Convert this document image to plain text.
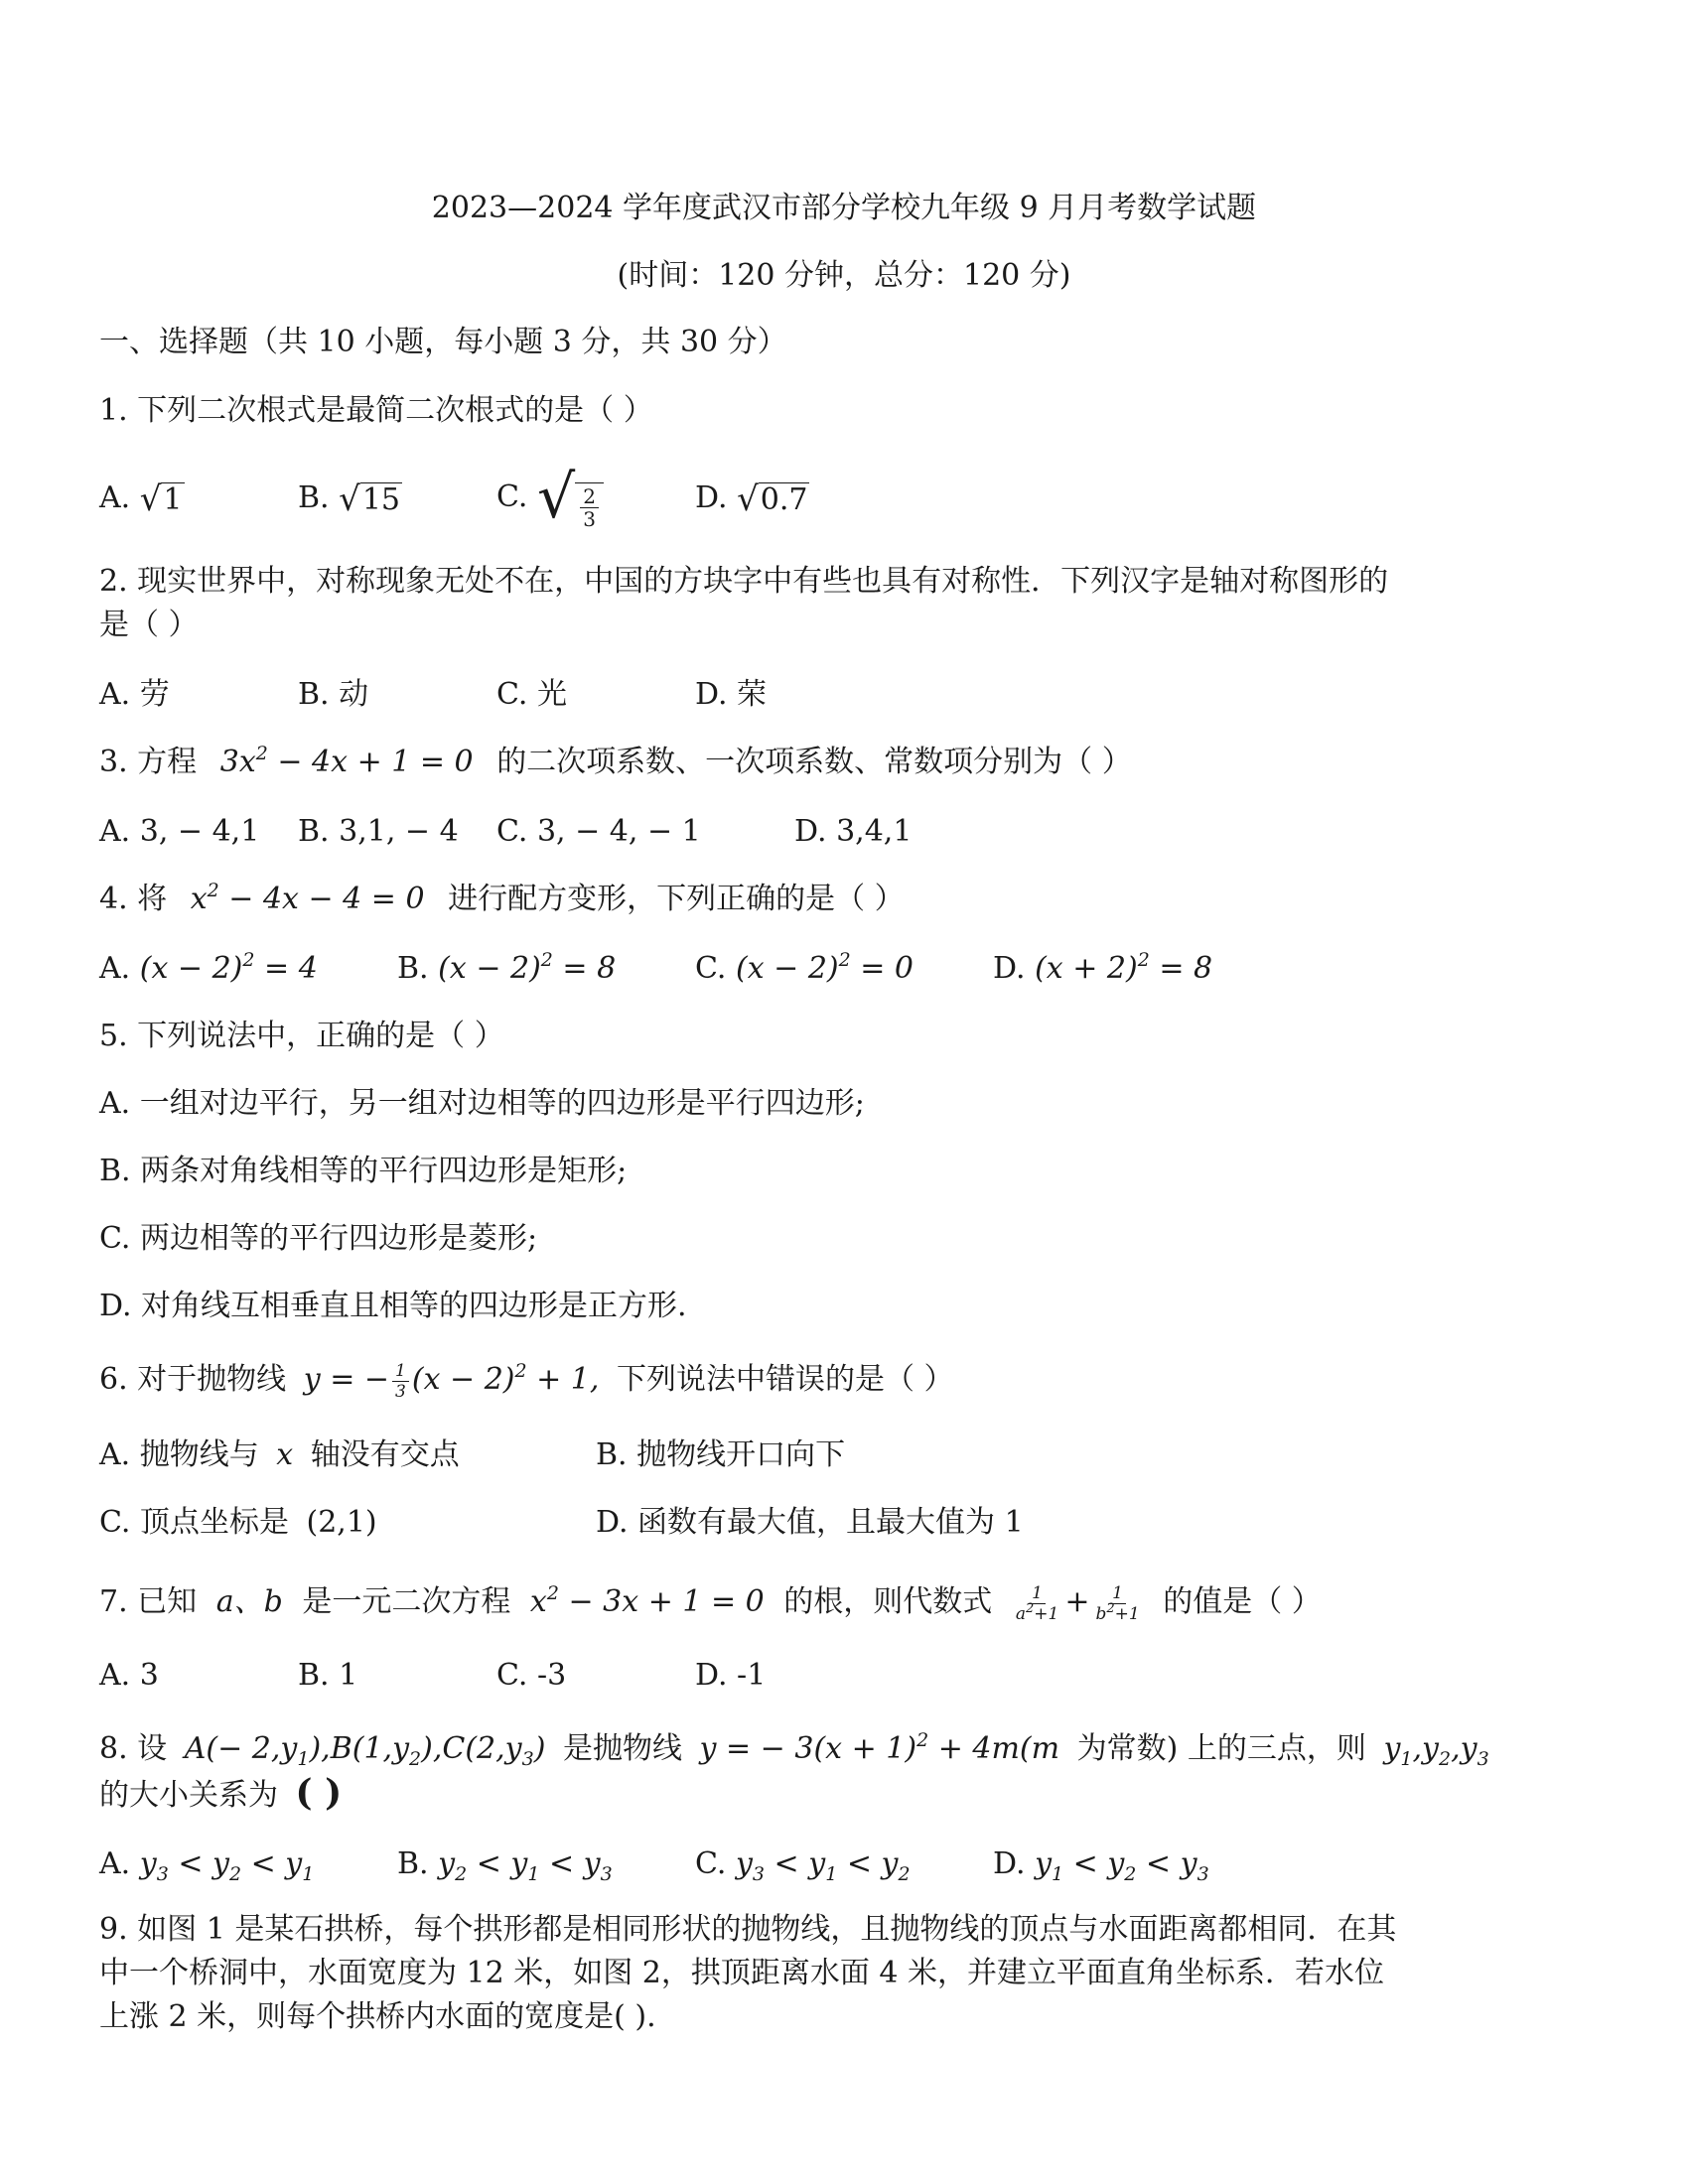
2023—2024 学年度武汉市部分学校九年级 9 月月考数学试题
(时间：120 分钟，总分：120 分)
一、选择题（共 10 小题，每小题 3 分，共 30 分）
1. 下列二次根式是最简二次根式的是（ ）
A. √ 1	B. √ 15	C. √ $\frac{2}{3}$	D. √ 0.7
2. 现实世界中，对称现象无处不在，中国的方块字中有些也具有对称性．下列汉字是轴对称图形的
是（ ）
A. 劳	B. 动	C. 光	D. 荣
3. 方程 $3x^2 - 4x + 1 = 0$ 的二次项系数、一次项系数、常数项分别为（ ）
A. 3, − 4,1 B. 3,1, − 4 C. 3, − 4, − 1	D. 3,4,1
4. 将 $x^2 - 4x - 4 = 0$ 进行配方变形，下列正确的是（ ）
A. $(x - 2)^2 = 4$	B. $(x - 2)^2 = 8$	C. $(x - 2)^2 = 0$	D. $(x + 2)^2 = 8$
5. 下列说法中，正确的是（ ）
A. 一组对边平行，另一组对边相等的四边形是平行四边形;
B. 两条对角线相等的平行四边形是矩形;
C. 两边相等的平行四边形是菱形;
D. 对角线互相垂直且相等的四边形是正方形.
6. 对于抛物线 y = − $\frac{1}{3} (x - 2)^2 + 1$, 下列说法中错误的是（ ）
A. 抛物线与 x 轴没有交点	B. 抛物线开口向下
C. 顶点坐标是 (2,1)	D. 函数有最大值，且最大值为 1
7. 已知 a、b 是一元二次方程 $x^2 - 3x + 1 = 0$ 的根，则代数式 $\frac{1}{a^2+1} + \frac{1}{b^2+1}$ 的值是（ ）
A. 3	B. 1	C. -3	D. -1
8. 设 $A(- 2,y_1),B(1,y_2),C(2,y_3)$ 是抛物线 y = − $3(x + 1)^2 + 4m(m$ 为常数) 上的三点，则 $y_1,y_2,y_3$
的大小关系为 ( )
A. $y_3 < y_2 < y_1$	B. $y_2 < y_1 < y_3$	C. $y_3 < y_1 < y_2$	D. $y_1 < y_2 < y_3$
9. 如图 1 是某石拱桥，每个拱形都是相同形状的抛物线，且抛物线的顶点与水面距离都相同．在其
中一个桥洞中，水面宽度为 12 米，如图 2，拱顶距离水面 4 米，并建立平面直角坐标系．若水位
上涨 2 米，则每个拱桥内水面的宽度是( ).
